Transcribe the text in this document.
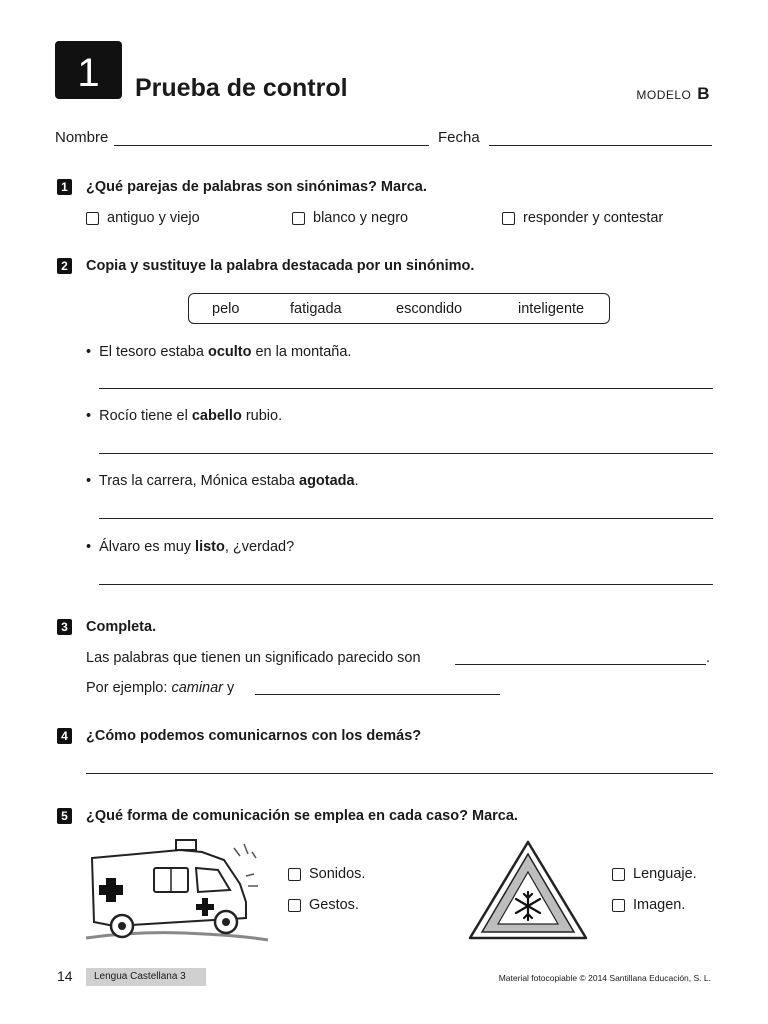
1	Prueba de control	MODELO B
Nombre	Fecha
1 ¿Qué parejas de palabras son sinónimas? Marca.
antiguo y viejo	blanco y negro	responder y contestar
2 Copia y sustituye la palabra destacada por un sinónimo.
pelo	fatigada	escondido	inteligente
•  El tesoro estaba oculto en la montaña.
•  Rocío tiene el cabello rubio.
•  Tras la carrera, Mónica estaba agotada.
•  Álvaro es muy listo, ¿verdad?
3 Completa.
Las palabras que tienen un significado parecido son	.
Por ejemplo: caminar y
4 ¿Cómo podemos comunicarnos con los demás?
5 ¿Qué forma de comunicación se emplea en cada caso? Marca.
Sonidos.
Gestos.
Lenguaje.
Imagen.
14	Lengua Castellana 3	Material fotocopiable © 2014 Santillana Educación, S. L.
